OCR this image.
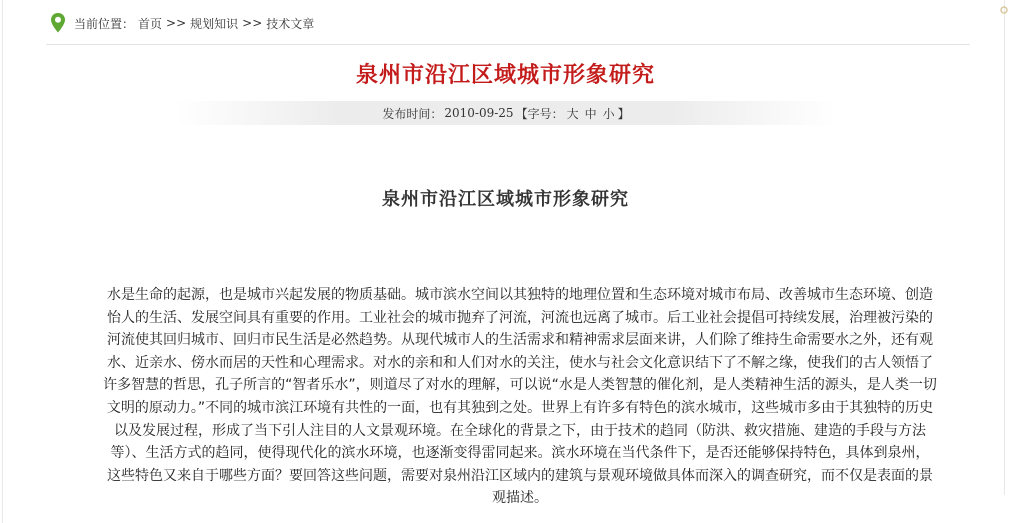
当前位置： 首页 >> 规划知识 >> 技术文章
泉州市沿江区域城市形象研究
发布时间： 2010-09-25 【字号： 大 中 小 】
泉州市沿江区域城市形象研究
水是生命的起源，也是城市兴起发展的物质基础。城市滨水空间以其独特的地理位置和生态环境对城市布局、改善城市生态环境、创造
怡人的生活、发展空间具有重要的作用。工业社会的城市抛弃了河流，河流也远离了城市。后工业社会提倡可持续发展，治理被污染的
河流使其回归城市、回归市民生活是必然趋势。从现代城市人的生活需求和精神需求层面来讲，人们除了维持生命需要水之外，还有观
水、近亲水、傍水而居的天性和心理需求。对水的亲和和人们对水的关注，使水与社会文化意识结下了不解之缘，使我们的古人领悟了
许多智慧的哲思，孔子所言的“智者乐水”，则道尽了对水的理解，可以说“水是人类智慧的催化剂，是人类精神生活的源头，是人类一切
文明的原动力。”不同的城市滨江环境有共性的一面，也有其独到之处。世界上有许多有特色的滨水城市，这些城市多由于其独特的历史
以及发展过程，形成了当下引人注目的人文景观环境。在全球化的背景之下，由于技术的趋同（防洪、救灾措施、建造的手段与方法
等）、生活方式的趋同，使得现代化的滨水环境，也逐渐变得雷同起来。滨水环境在当代条件下，是否还能够保持特色，具体到泉州，
这些特色又来自于哪些方面？要回答这些问题，需要对泉州沿江区域内的建筑与景观环境做具体而深入的调查研究，而不仅是表面的景
观描述。
